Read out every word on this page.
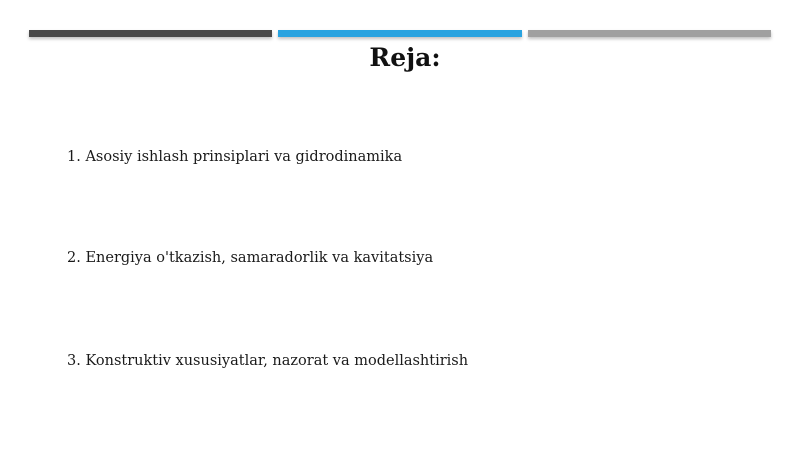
Reja:
1. Asosiy ishlash prinsiplari va gidrodinamika
2. Energiya o'tkazish, samaradorlik va kavitatsiya
3. Konstruktiv xususiyatlar, nazorat va modellashtirish
